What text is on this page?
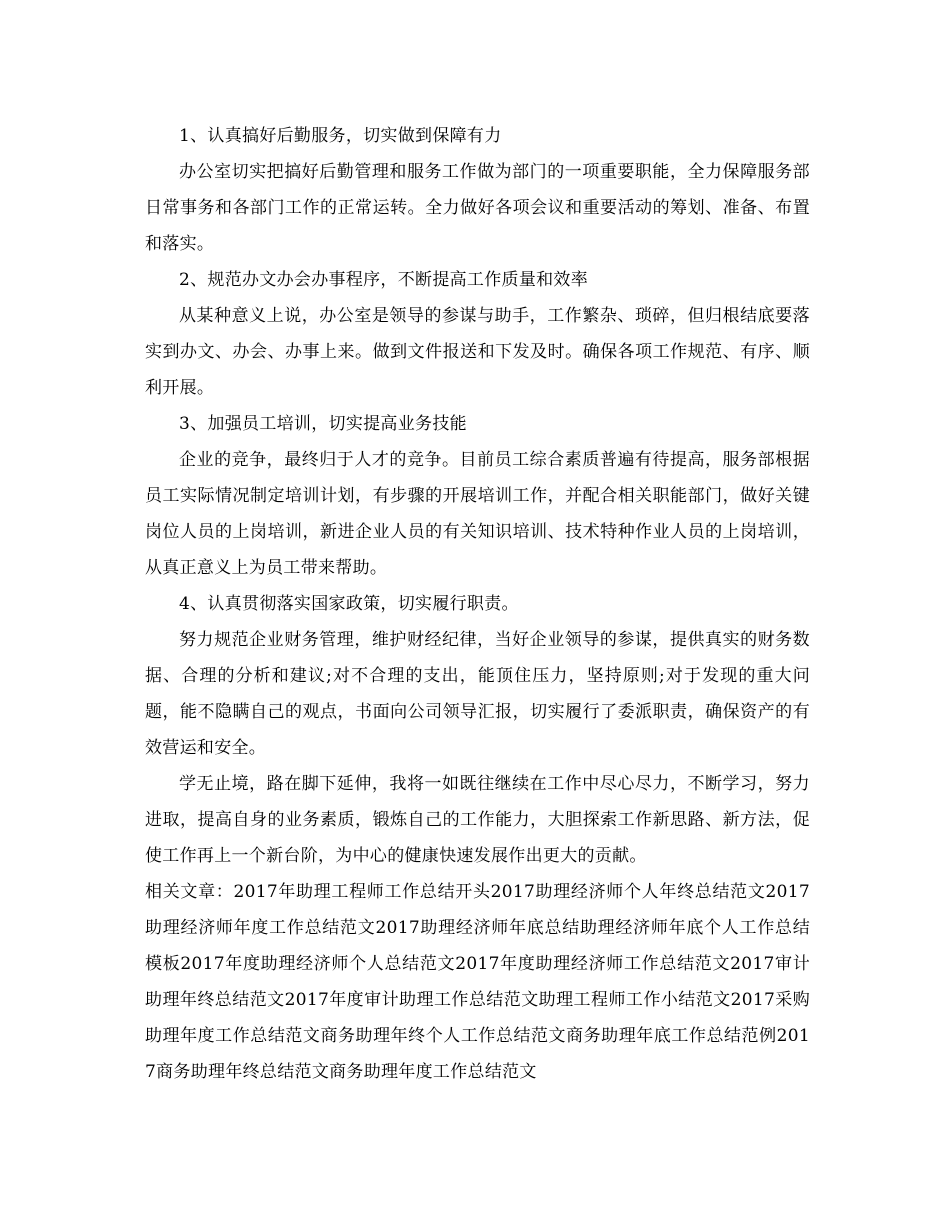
1、认真搞好后勤服务，切实做到保障有力

办公室切实把搞好后勤管理和服务工作做为部门的一项重要职能，全力保障服务部日常事务和各部门工作的正常运转。全力做好各项会议和重要活动的筹划、准备、布置和落实。

2、规范办文办会办事程序，不断提高工作质量和效率

从某种意义上说，办公室是领导的参谋与助手，工作繁杂、琐碎，但归根结底要落实到办文、办会、办事上来。做到文件报送和下发及时。确保各项工作规范、有序、顺利开展。

3、加强员工培训，切实提高业务技能

企业的竞争，最终归于人才的竞争。目前员工综合素质普遍有待提高，服务部根据员工实际情况制定培训计划，有步骤的开展培训工作，并配合相关职能部门，做好关键岗位人员的上岗培训，新进企业人员的有关知识培训、技术特种作业人员的上岗培训，从真正意义上为员工带来帮助。

4、认真贯彻落实国家政策，切实履行职责。

努力规范企业财务管理，维护财经纪律，当好企业领导的参谋，提供真实的财务数据、合理的分析和建议;对不合理的支出，能顶住压力，坚持原则;对于发现的重大问题，能不隐瞒自己的观点，书面向公司领导汇报，切实履行了委派职责，确保资产的有效营运和安全。

学无止境，路在脚下延伸，我将一如既往继续在工作中尽心尽力，不断学习，努力进取，提高自身的业务素质，锻炼自己的工作能力，大胆探索工作新思路、新方法，促使工作再上一个新台阶，为中心的健康快速发展作出更大的贡献。

相关文章：2017年助理工程师工作总结开头2017助理经济师个人年终总结范文2017助理经济师年度工作总结范文2017助理经济师年底总结助理经济师年底个人工作总结模板2017年度助理经济师个人总结范文2017年度助理经济师工作总结范文2017审计助理年终总结范文2017年度审计助理工作总结范文助理工程师工作小结范文2017采购助理年度工作总结范文商务助理年终个人工作总结范文商务助理年底工作总结范例2017商务助理年终总结范文商务助理年度工作总结范文
